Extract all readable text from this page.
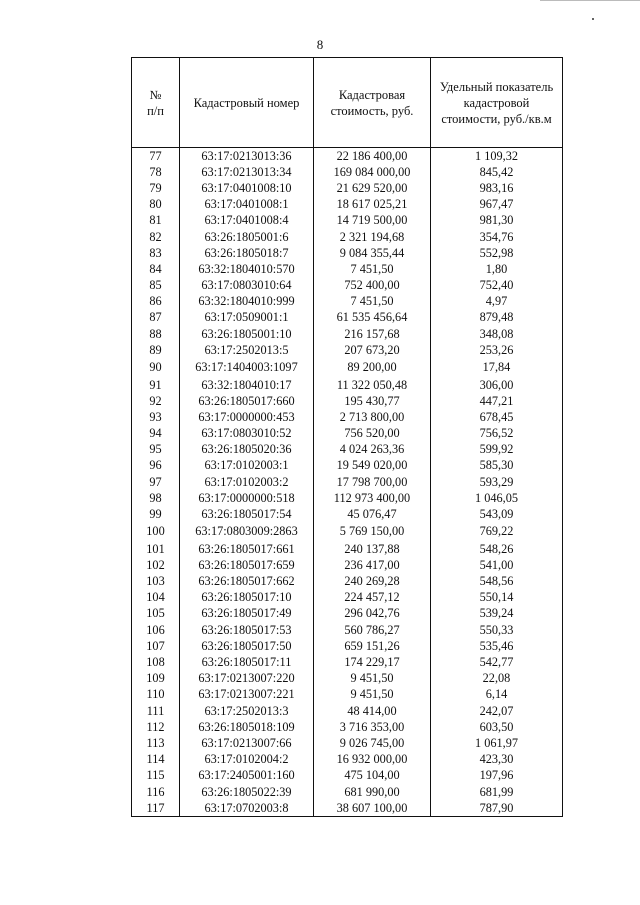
8
№
п/п	Кадастровый номер	Кадастровая стоимость, руб.	Удельный показатель кадастровой стоимости, руб./кв.м
77	63:17:0213013:36	22 186 400,00	1 109,32
78	63:17:0213013:34	169 084 000,00	845,42
79	63:17:0401008:10	21 629 520,00	983,16
80	63:17:0401008:1	18 617 025,21	967,47
81	63:17:0401008:4	14 719 500,00	981,30
82	63:26:1805001:6	2 321 194,68	354,76
83	63:26:1805018:7	9 084 355,44	552,98
84	63:32:1804010:570	7 451,50	1,80
85	63:17:0803010:64	752 400,00	752,40
86	63:32:1804010:999	7 451,50	4,97
87	63:17:0509001:1	61 535 456,64	879,48
88	63:26:1805001:10	216 157,68	348,08
89	63:17:2502013:5	207 673,20	253,26
90	63:17:1404003:1097	89 200,00	17,84
91	63:32:1804010:17	11 322 050,48	306,00
92	63:26:1805017:660	195 430,77	447,21
93	63:17:0000000:453	2 713 800,00	678,45
94	63:17:0803010:52	756 520,00	756,52
95	63:26:1805020:36	4 024 263,36	599,92
96	63:17:0102003:1	19 549 020,00	585,30
97	63:17:0102003:2	17 798 700,00	593,29
98	63:17:0000000:518	112 973 400,00	1 046,05
99	63:26:1805017:54	45 076,47	543,09
100	63:17:0803009:2863	5 769 150,00	769,22
101	63:26:1805017:661	240 137,88	548,26
102	63:26:1805017:659	236 417,00	541,00
103	63:26:1805017:662	240 269,28	548,56
104	63:26:1805017:10	224 457,12	550,14
105	63:26:1805017:49	296 042,76	539,24
106	63:26:1805017:53	560 786,27	550,33
107	63:26:1805017:50	659 151,26	535,46
108	63:26:1805017:11	174 229,17	542,77
109	63:17:0213007:220	9 451,50	22,08
110	63:17:0213007:221	9 451,50	6,14
111	63:17:2502013:3	48 414,00	242,07
112	63:26:1805018:109	3 716 353,00	603,50
113	63:17:0213007:66	9 026 745,00	1 061,97
114	63:17:0102004:2	16 932 000,00	423,30
115	63:17:2405001:160	475 104,00	197,96
116	63:26:1805022:39	681 990,00	681,99
117	63:17:0702003:8	38 607 100,00	787,90
